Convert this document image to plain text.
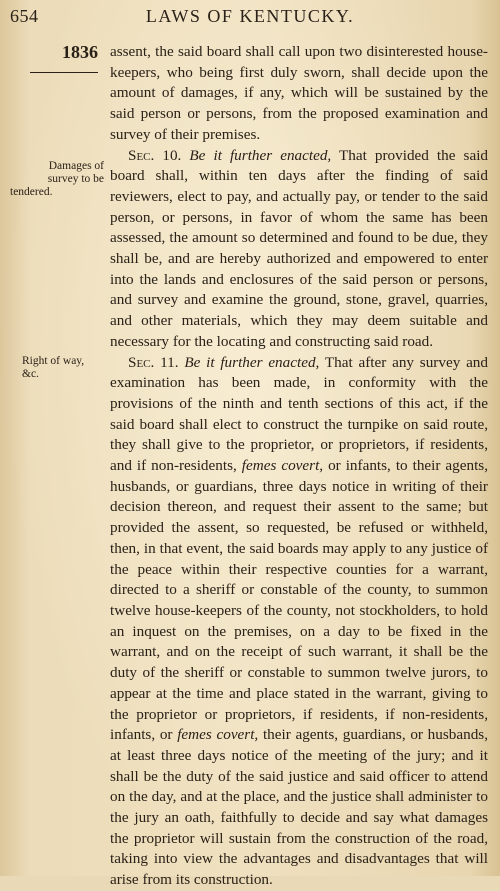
654	LAWS OF KENTUCKY.
1836
Damages of
survey to be
tendered.
Right of way,
&c.

assent, the said board shall call upon two disinterested house-keepers, who being first duly sworn, shall decide upon the amount of damages, if any, which will be sustained by the said person or persons, from the proposed examination and survey of their premises.

Sec. 10. Be it further enacted, That provided the said board shall, within ten days after the finding of said reviewers, elect to pay, and actually pay, or tender to the said person, or persons, in favor of whom the same has been assessed, the amount so determined and found to be due, they shall be, and are hereby authorized and empowered to enter into the lands and enclosures of the said person or persons, and survey and examine the ground, stone, gravel, quarries, and other materials, which they may deem suitable and necessary for the locating and constructing said road.

Sec. 11. Be it further enacted, That after any survey and examination has been made, in conformity with the provisions of the ninth and tenth sections of this act, if the said board shall elect to construct the turnpike on said route, they shall give to the proprietor, or proprietors, if residents, and if non-residents, femes covert, or infants, to their agents, husbands, or guardians, three days notice in writing of their decision thereon, and request their assent to the same; but provided the assent, so requested, be refused or withheld, then, in that event, the said boards may apply to any justice of the peace within their respective counties for a warrant, directed to a sheriff or constable of the county, to summon twelve house-keepers of the county, not stockholders, to hold an inquest on the premises, on a day to be fixed in the warrant, and on the receipt of such warrant, it shall be the duty of the sheriff or constable to summon twelve jurors, to appear at the time and place stated in the warrant, giving to the proprietor or proprietors, if residents, if non-residents, infants, or femes covert, their agents, guardians, or husbands, at least three days notice of the meeting of the jury; and it shall be the duty of the said justice and said officer to attend on the day, and at the place, and the justice shall administer to the jury an oath, faithfully to decide and say what damages the proprietor will sustain from the construction of the road, taking into view the advantages and disadvantages that will arise from its construction.
